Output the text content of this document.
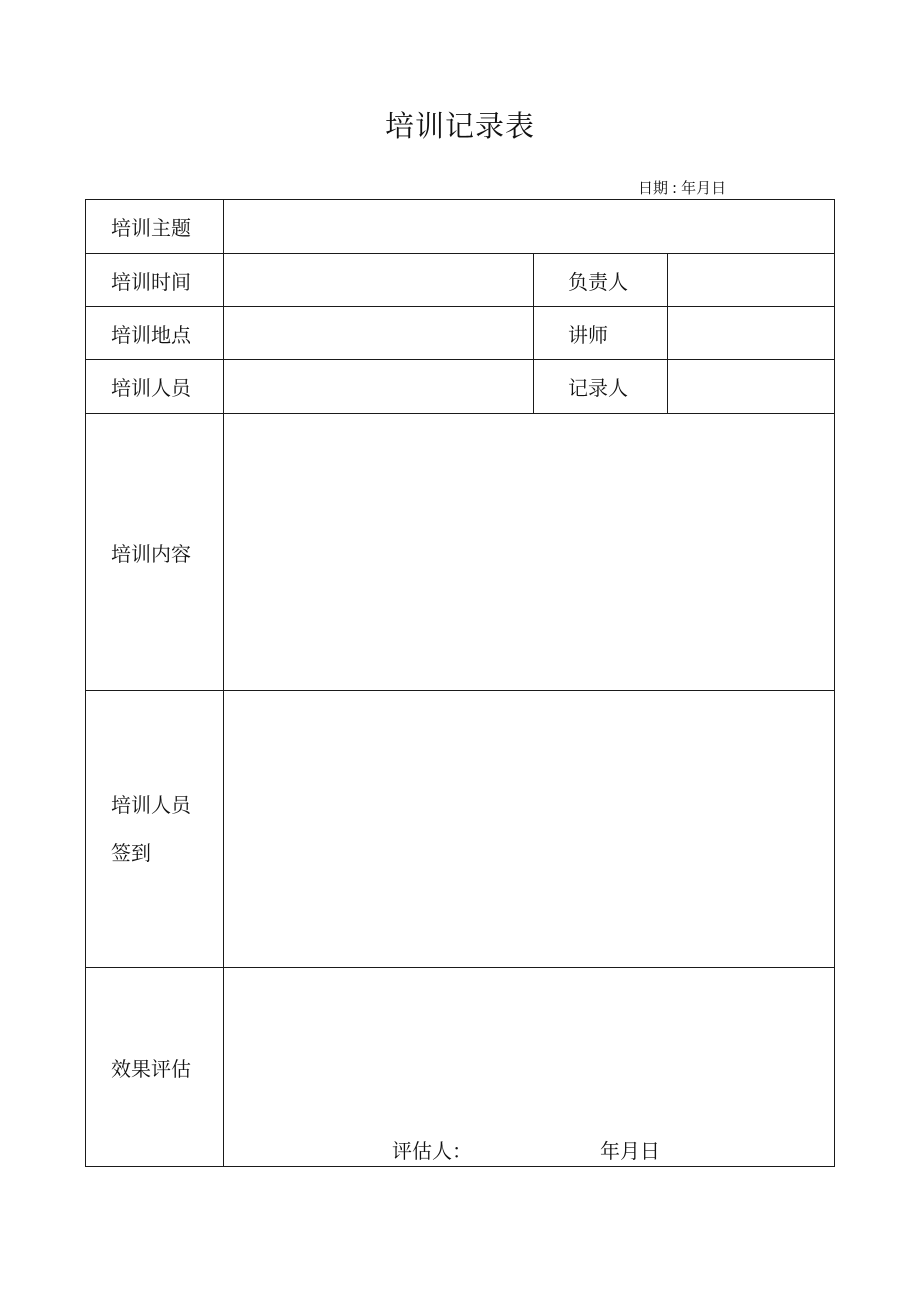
培训记录表
日期 : 年月日
培训主题			
培训时间		负责人	
培训地点		讲师	
培训人员		记录人	
培训内容			

培训人员
签到			

效果评估	评估人： 年月日		
